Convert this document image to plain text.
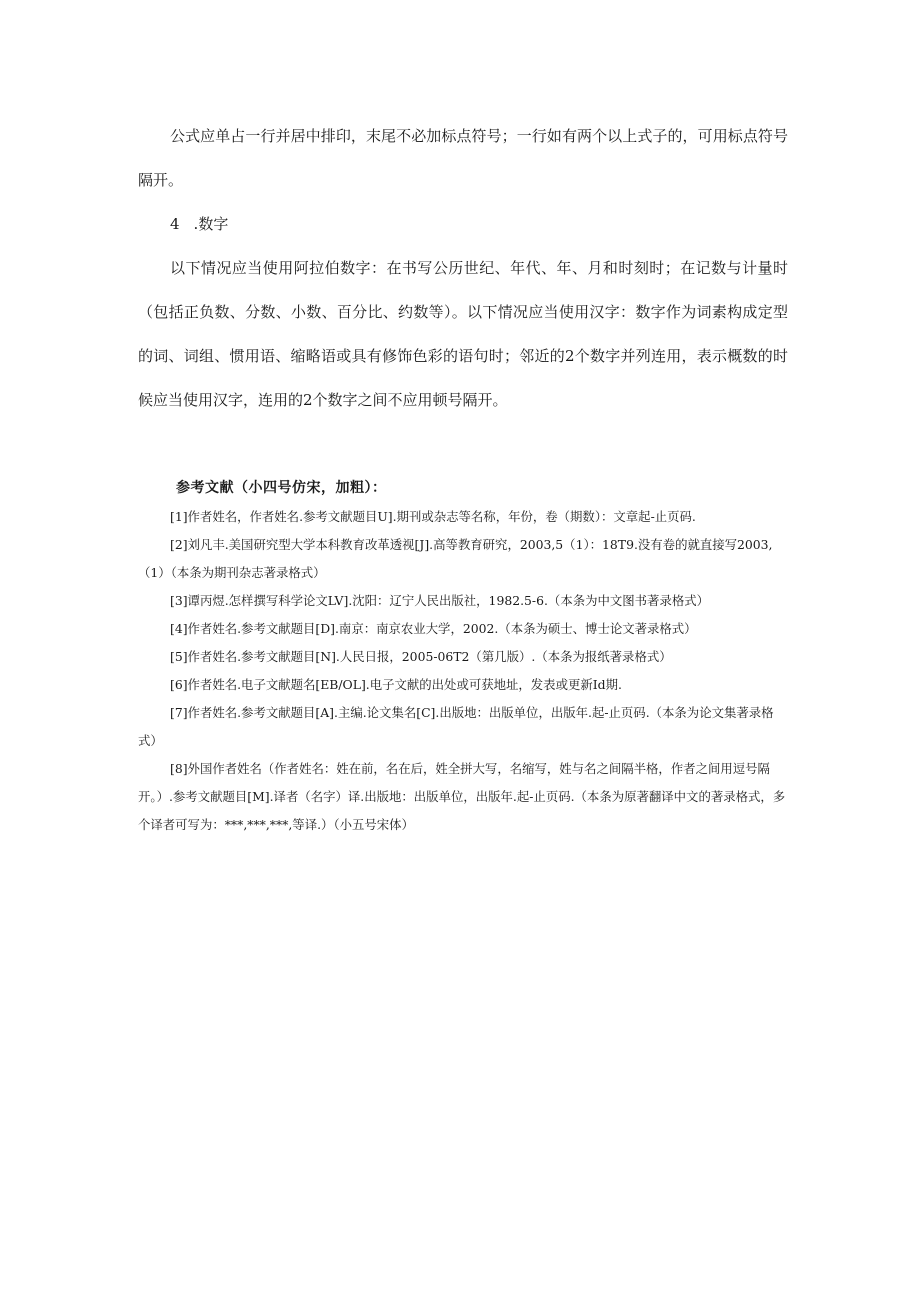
公式应单占一行并居中排印，末尾不必加标点符号；一行如有两个以上式子的，可用标点符号隔开。

4 .数字

以下情况应当使用阿拉伯数字：在书写公历世纪、年代、年、月和时刻时；在记数与计量时（包括正负数、分数、小数、百分比、约数等）。以下情况应当使用汉字：数字作为词素构成定型的词、词组、惯用语、缩略语或具有修饰色彩的语句时；邻近的2个数字并列连用，表示概数的时候应当使用汉字，连用的2个数字之间不应用顿号隔开。

参考文献（小四号仿宋，加粗）：

[1]作者姓名，作者姓名.参考文献题目U].期刊或杂志等名称，年份，卷（期数）：文章起-止页码.
[2]刘凡丰.美国研究型大学本科教育改革透视[J].高等教育研究，2003,5（1）：18T9.没有卷的就直接写2003,（1）（本条为期刊杂志著录格式）
[3]谭丙煜.怎样撰写科学论文LV].沈阳：辽宁人民出版社，1982.5-6.（本条为中文图书著录格式）
[4]作者姓名.参考文献题目[D].南京：南京农业大学，2002.（本条为硕士、博士论文著录格式）
[5]作者姓名.参考文献题目[N].人民日报，2005-06T2（第几版）.（本条为报纸著录格式）
[6]作者姓名.电子文献题名[EB/OL].电子文献的出处或可获地址，发表或更新Id期.
[7]作者姓名.参考文献题目[A].主编.论文集名[C].出版地：出版单位，出版年.起-止页码.（本条为论文集著录格式）
[8]外国作者姓名（作者姓名：姓在前，名在后，姓全拼大写，名缩写，姓与名之间隔半格，作者之间用逗号隔开。）.参考文献题目[M].译者（名字）译.出版地：出版单位，出版年.起-止页码.（本条为原著翻译中文的著录格式，多个译者可写为：***,***,***,等译.）（小五号宋体）
